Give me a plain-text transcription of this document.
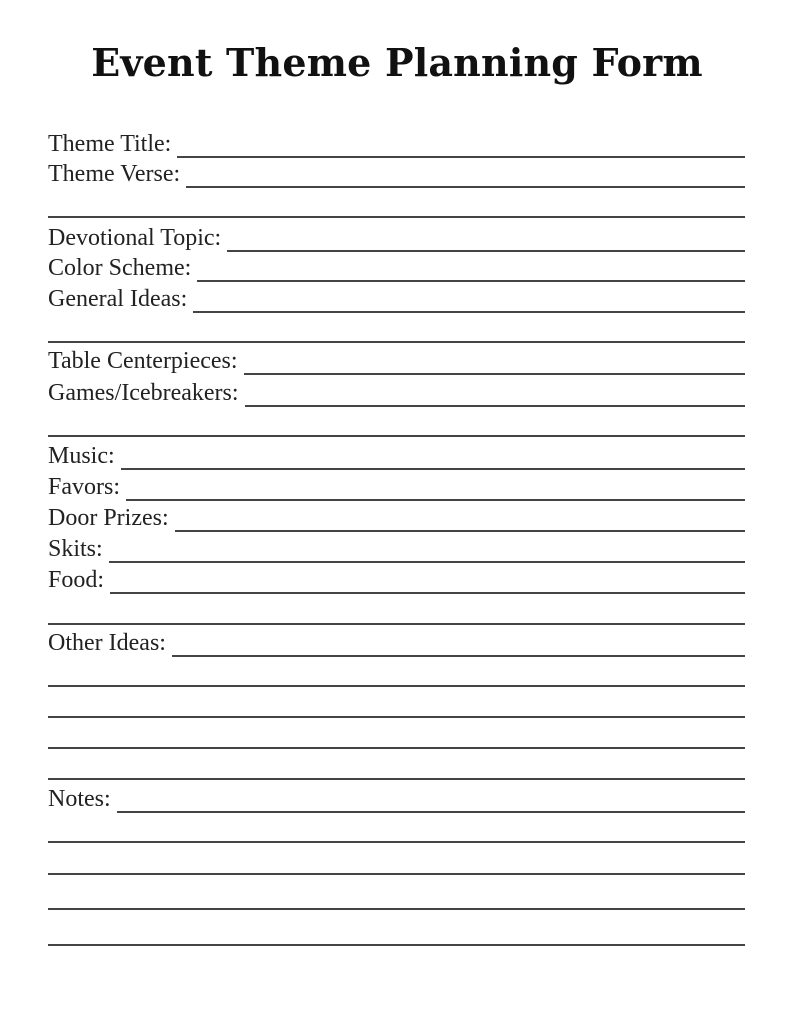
Event Theme Planning Form
Theme Title:
Theme Verse:
Devotional Topic:
Color Scheme:
General Ideas:
Table Centerpieces:
Games/Icebreakers:
Music:
Favors:
Door Prizes:
Skits:
Food:
Other Ideas:
Notes:
